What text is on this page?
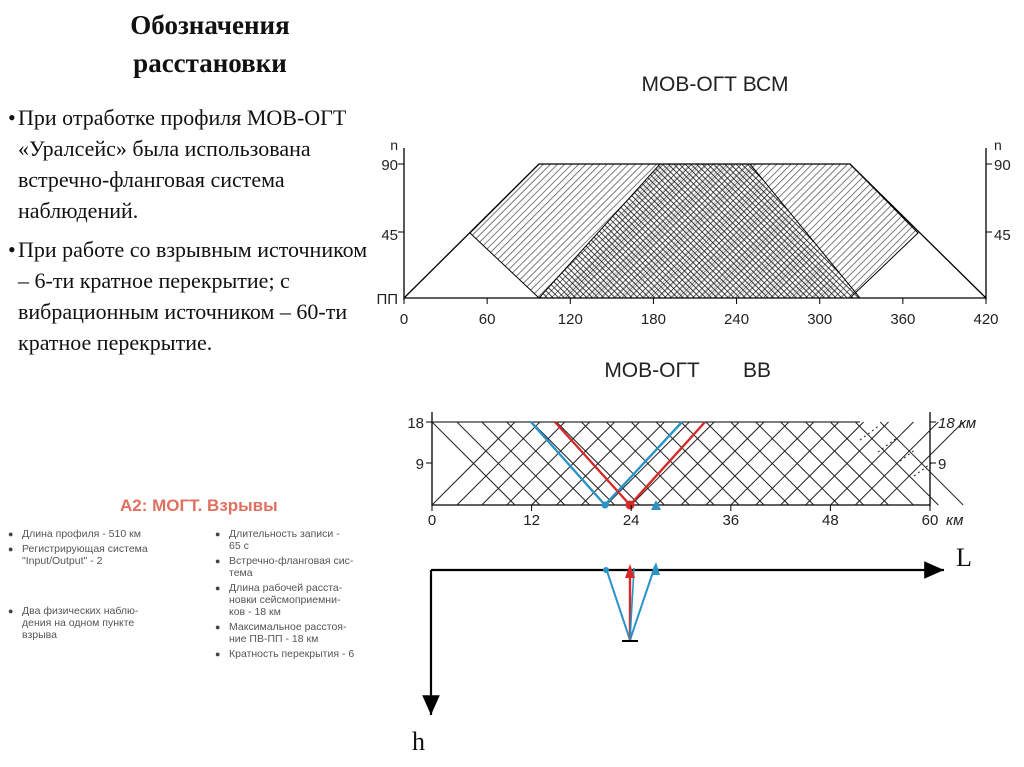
Обозначения
расстановки
• При отработке профиля МОВ-ОГТ «Уралсейс» была использована встречно-фланговая система наблюдений.
• При работе со взрывным источником – 6-ти кратное перекрытие; с вибрационным источником – 60-ти кратное перекрытие.
А2: МОГТ. Взрывы
● Длина профиля - 510 км
● Регистрирующая система
"Input/Output" - 2
● Два физических наблю-
дения на одном пункте
взрыва
● Длительность записи -
65 с
● Встречно-фланговая сис-
тема
● Длина рабочей расста-
новки сейсмоприемни-
ков - 18 км
● Максимальное расстоя-
ние ПВ-ПП - 18 км
● Кратность перекрытия - 6
МОВ-ОГТ ВСМ
90
45
ПП
n
90
45
n
0	60	120	180	240	300	360	420
МОВ-ОГТ ВВ
18
9
18 км
9
0	12	24	36	48	60 км
L
h
